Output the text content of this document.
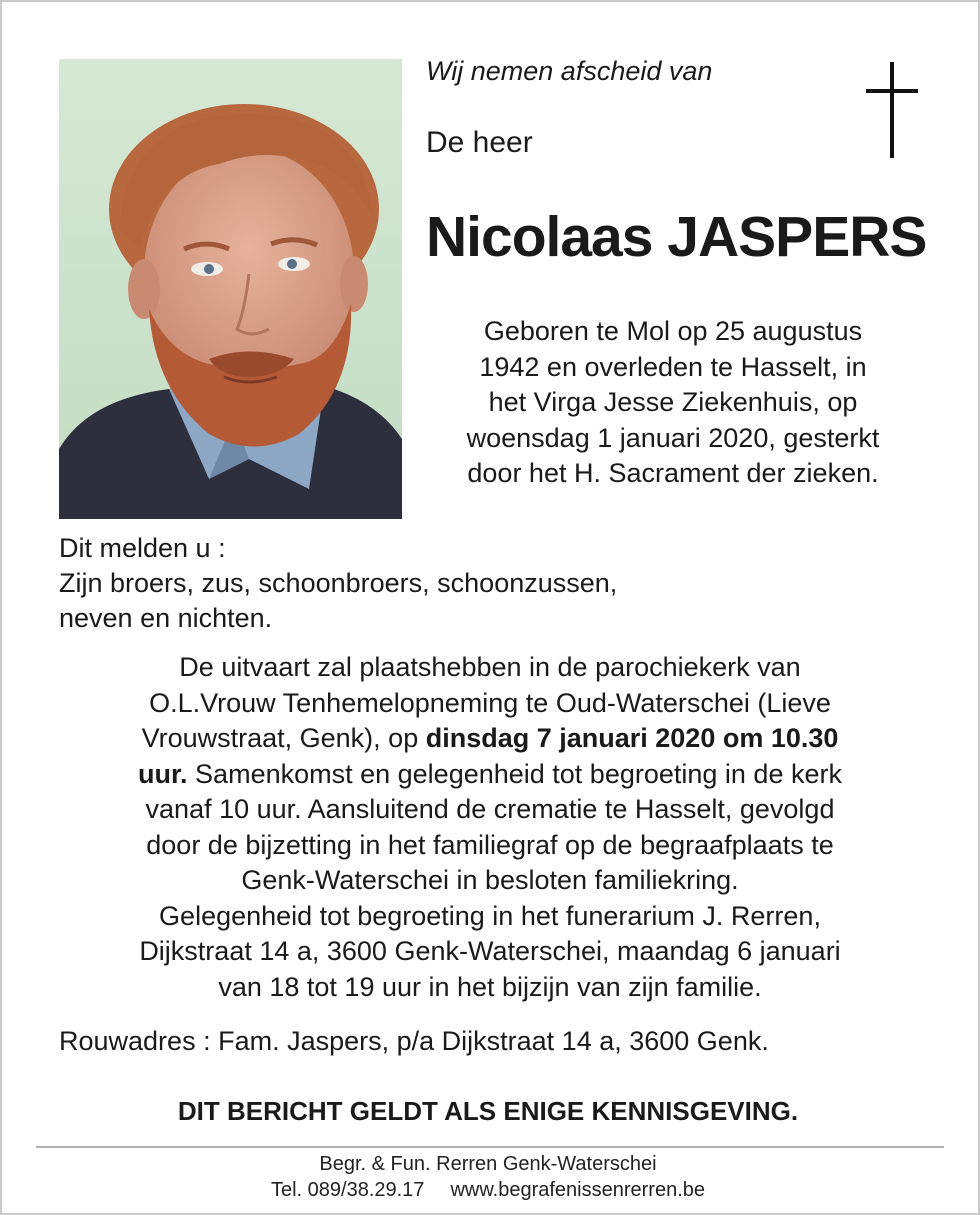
Wij nemen afscheid van
De heer
Nicolaas JASPERS
Geboren te Mol op 25 augustus
1942 en overleden te Hasselt, in
het Virga Jesse Ziekenhuis, op
woensdag 1 januari 2020, gesterkt
door het H. Sacrament der zieken.
Dit melden u :
Zijn broers, zus, schoonbroers, schoonzussen,
neven en nichten.
De uitvaart zal plaatshebben in de parochiekerk van
O.L.Vrouw Tenhemelopneming te Oud-Waterschei (Lieve
Vrouwstraat, Genk), op dinsdag 7 januari 2020 om 10.30
uur. Samenkomst en gelegenheid tot begroeting in de kerk
vanaf 10 uur. Aansluitend de crematie te Hasselt, gevolgd
door de bijzetting in het familiegraf op de begraafplaats te
Genk-Waterschei in besloten familiekring.
Gelegenheid tot begroeting in het funerarium J. Rerren,
Dijkstraat 14 a, 3600 Genk-Waterschei, maandag 6 januari
van 18 tot 19 uur in het bijzijn van zijn familie.
Rouwadres : Fam. Jaspers, p/a Dijkstraat 14 a, 3600 Genk.
DIT BERICHT GELDT ALS ENIGE KENNISGEVING.
Begr. & Fun. Rerren Genk-Waterschei
Tel. 089/38.29.17 www.begrafenissenrerren.be
